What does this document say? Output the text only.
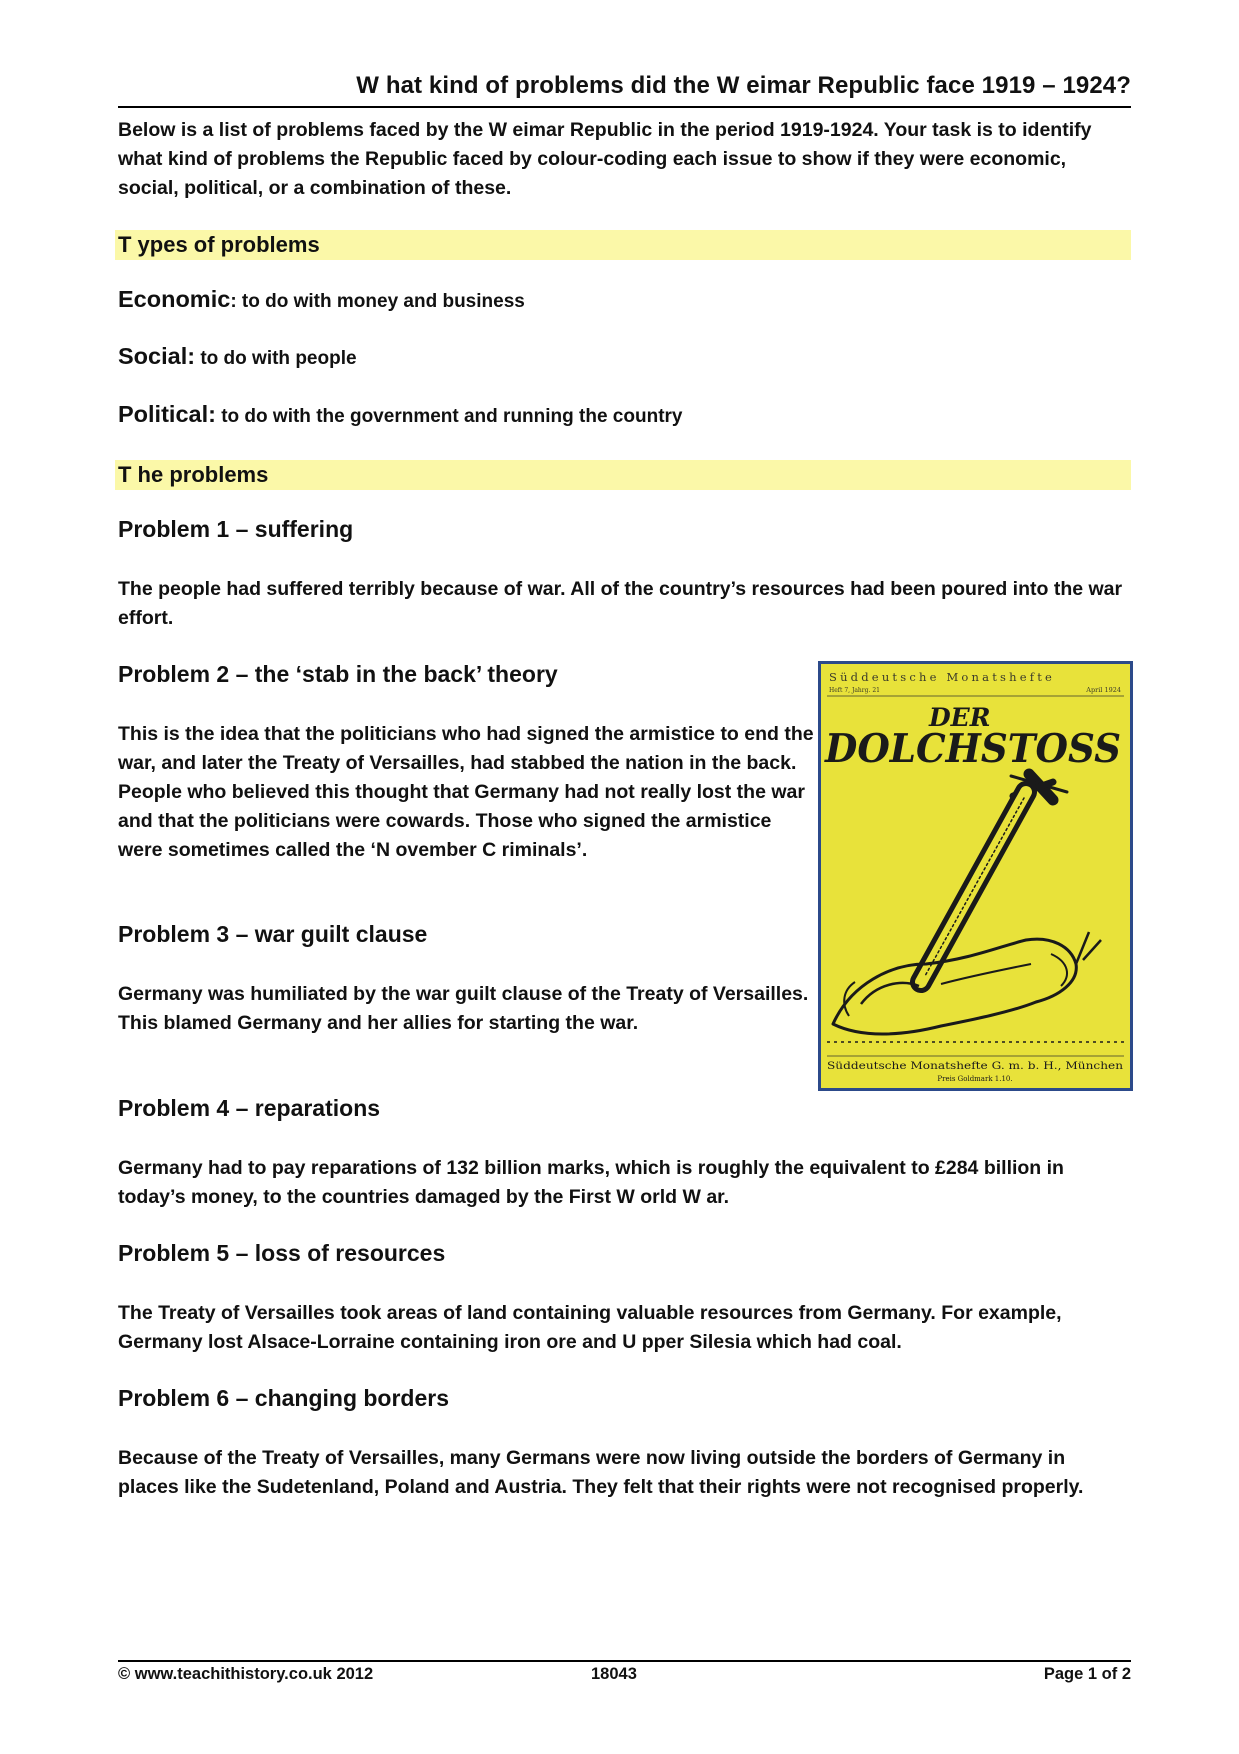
W hat kind of problems did the W eimar Republic face 1919 – 1924?
Below is a list of problems faced by the W eimar Republic in the period 1919-1924. Your task is to identify what kind of problems the Republic faced by colour-coding each issue to show if they were economic, social, political, or a combination of these.
T ypes of problems
Economic: to do with money and business
Social: to do with people
Political: to do with the government and running the country
T he problems
Problem 1 – suffering
The people had suffered terribly because of war. All of the country’s resources had been poured into the war effort.
Problem 2 – the ‘stab in the back’ theory
This is the idea that the politicians who had signed the armistice to end the war, and later the Treaty of Versailles, had stabbed the nation in the back. People who believed this thought that Germany had not really lost the war and that the politicians were cowards. Those who signed the armistice were sometimes called the ‘N ovember C riminals’.
Problem 3 – war guilt clause
Germany was humiliated by the war guilt clause of the Treaty of Versailles. This blamed Germany and her allies for starting the war.
Problem 4 – reparations
Germany had to pay reparations of 132 billion marks, which is roughly the equivalent to £284 billion in today’s money, to the countries damaged by the First W orld W ar.
Problem 5 – loss of resources
The Treaty of Versailles took areas of land containing valuable resources from Germany. For example, Germany lost Alsace-Lorraine containing iron ore and U pper Silesia which had coal.
Problem 6 – changing borders
Because of the Treaty of Versailles, many Germans were now living outside the borders of Germany in places like the Sudetenland, Poland and Austria. They felt that their rights were not recognised properly.
Süddeutsche Monatshefte
Heft 7, Jahrg. 21	April 1924
DER
DOLCHSTOSS
Süddeutsche Monatshefte G. m. b. H., München
Preis Goldmark 1.10.
© www.teachithistory.co.uk 2012	18043	Page 1 of 2
